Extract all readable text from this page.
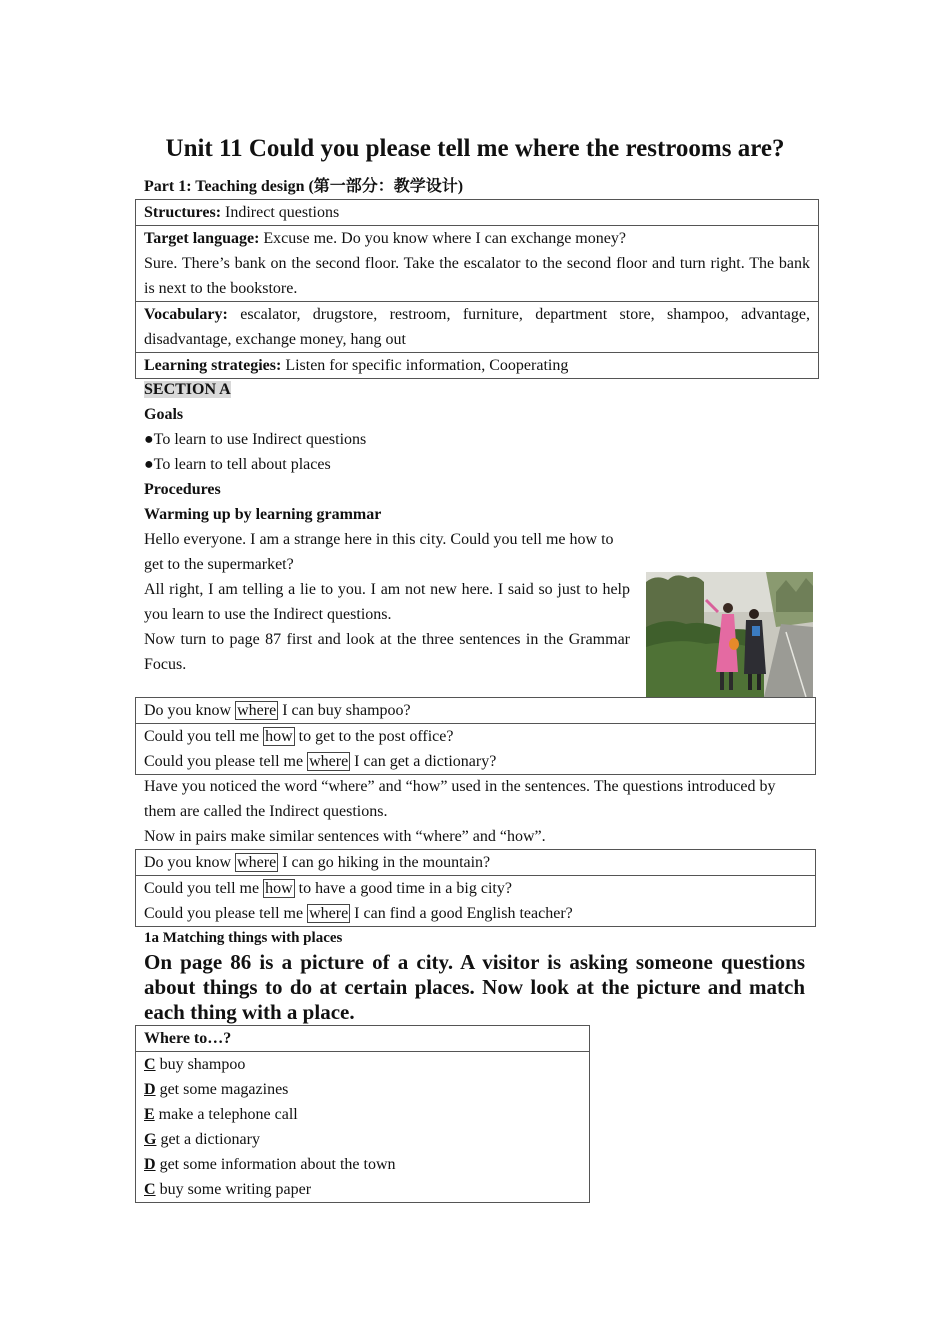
Unit 11 Could you please tell me where the restrooms are?
Part 1: Teaching design (第一部分：教学设计)
Structures: Indirect questions
Target language: Excuse me. Do you know where I can exchange money?
Sure. There’s bank on the second floor. Take the escalator to the second floor and turn right. The bank is next to the bookstore.
Vocabulary: escalator, drugstore, restroom, furniture, department store, shampoo, advantage, disadvantage, exchange money, hang out
Learning strategies: Listen for specific information, Cooperating
SECTION A
Goals
●To learn to use Indirect questions
●To learn to tell about places
Procedures
Warming up by learning grammar
Hello everyone. I am a strange here in this city. Could you tell me how to get to the supermarket?
All right, I am telling a lie to you. I am not new here. I said so just to help you learn to use the Indirect questions.
Now turn to page 87 first and look at the three sentences in the Grammar Focus.
Do you know where I can buy shampoo?
Could you tell me how to get to the post office?
Could you please tell me where I can get a dictionary?
Have you noticed the word “where” and “how” used in the sentences. The questions introduced by them are called the Indirect questions.
Now in pairs make similar sentences with “where” and “how”.
Do you know where I can go hiking in the mountain?
Could you tell me how to have a good time in a big city?
Could you please tell me where I can find a good English teacher?
1a Matching things with places
On page 86 is a picture of a city. A visitor is asking someone questions about things to do at certain places. Now look at the picture and match each thing with a place.
Where to…?
C buy shampoo
D get some magazines
E make a telephone call
G get a dictionary
D get some information about the town
C buy some writing paper
